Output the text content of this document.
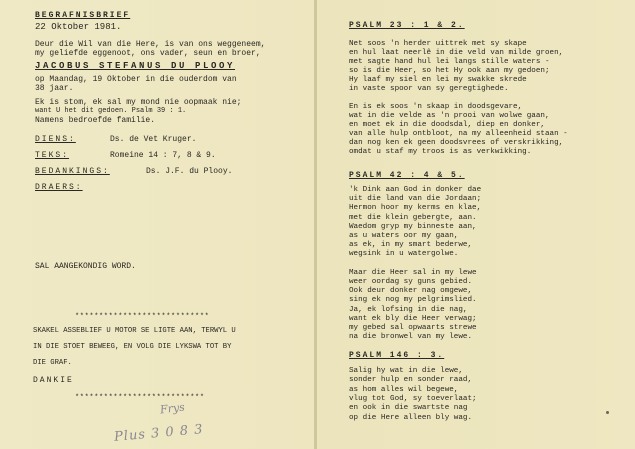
BEGRAFNISBRIEF
22 Oktober 1981.
Deur die Wil van die Here, is van ons weggeneem,
my geliefde eggenoot, ons vader, seun en broer,
JACOBUS STEFANUS DU PLOOY
op Maandag, 19 Oktober in die ouderdom van
38 jaar.
Ek is stom, ek sal my mond nie oopmaak nie;
want U het dit gedoen. Psalm 39 : 1.
Namens bedroefde familie.
DIENS:	Ds. de Vet Kruger.
TEKS:	Romeine 14 : 7, 8 & 9.
BEDANKINGS:	Ds. J.F. du Plooy.
DRAERS:
SAL AANGEKONDIG WORD.
****************************
SKAKEL ASSEBLIEF U MOTOR SE LIGTE AAN, TERWYL U
IN DIE STOET BEWEEG, EN VOLG DIE LYKSWA TOT BY
DIE GRAF.
DANKIE
***************************
Frys
Plus 3 0 8 3
PSALM 23 : 1 & 2.
Net soos 'n herder uittrek met sy skape
en hul laat neerlê in die veld van milde groen,
met sagte hand hul lei langs stille waters -
so is die Heer, so het Hy ook aan my gedoen;
Hy laaf my siel en lei my swakke skrede
in vaste spoor van sy geregtighede.
En is ek soos 'n skaap in doodsgevare,
wat in die velde as 'n prooi van wolwe gaan,
en moet ek in die doodsdal, diep en donker,
van alle hulp ontbloot, na my alleenheid staan -
dan nog ken ek geen doodsvrees of verskrikking,
omdat u staf my troos is as verkwikking.
PSALM 42 : 4 & 5.
'k Dink aan God in donker dae
uit die land van die Jordaan;
Hermon hoor my kerms en klae,
met die klein gebergte, aan.
Waedom gryp my binneste aan,
as u waters oor my gaan,
as ek, in my smart bederwe,
wegsink in u watergolwe.
Maar die Heer sal in my lewe
weer oordag sy guns gebied.
Ook deur donker nag omgewe,
sing ek nog my pelgrimslied.
Ja, ek lofsing in die nag,
want ek bly die Heer verwag;
my gebed sal opwaarts strewe
na die bronwel van my lewe.
PSALM 146 : 3.
Salig hy wat in die lewe,
sonder hulp en sonder raad,
as hom alles wil begewe,
vlug tot God, sy toeverlaat;
en ook in die swartste nag
op die Here alleen bly wag.
